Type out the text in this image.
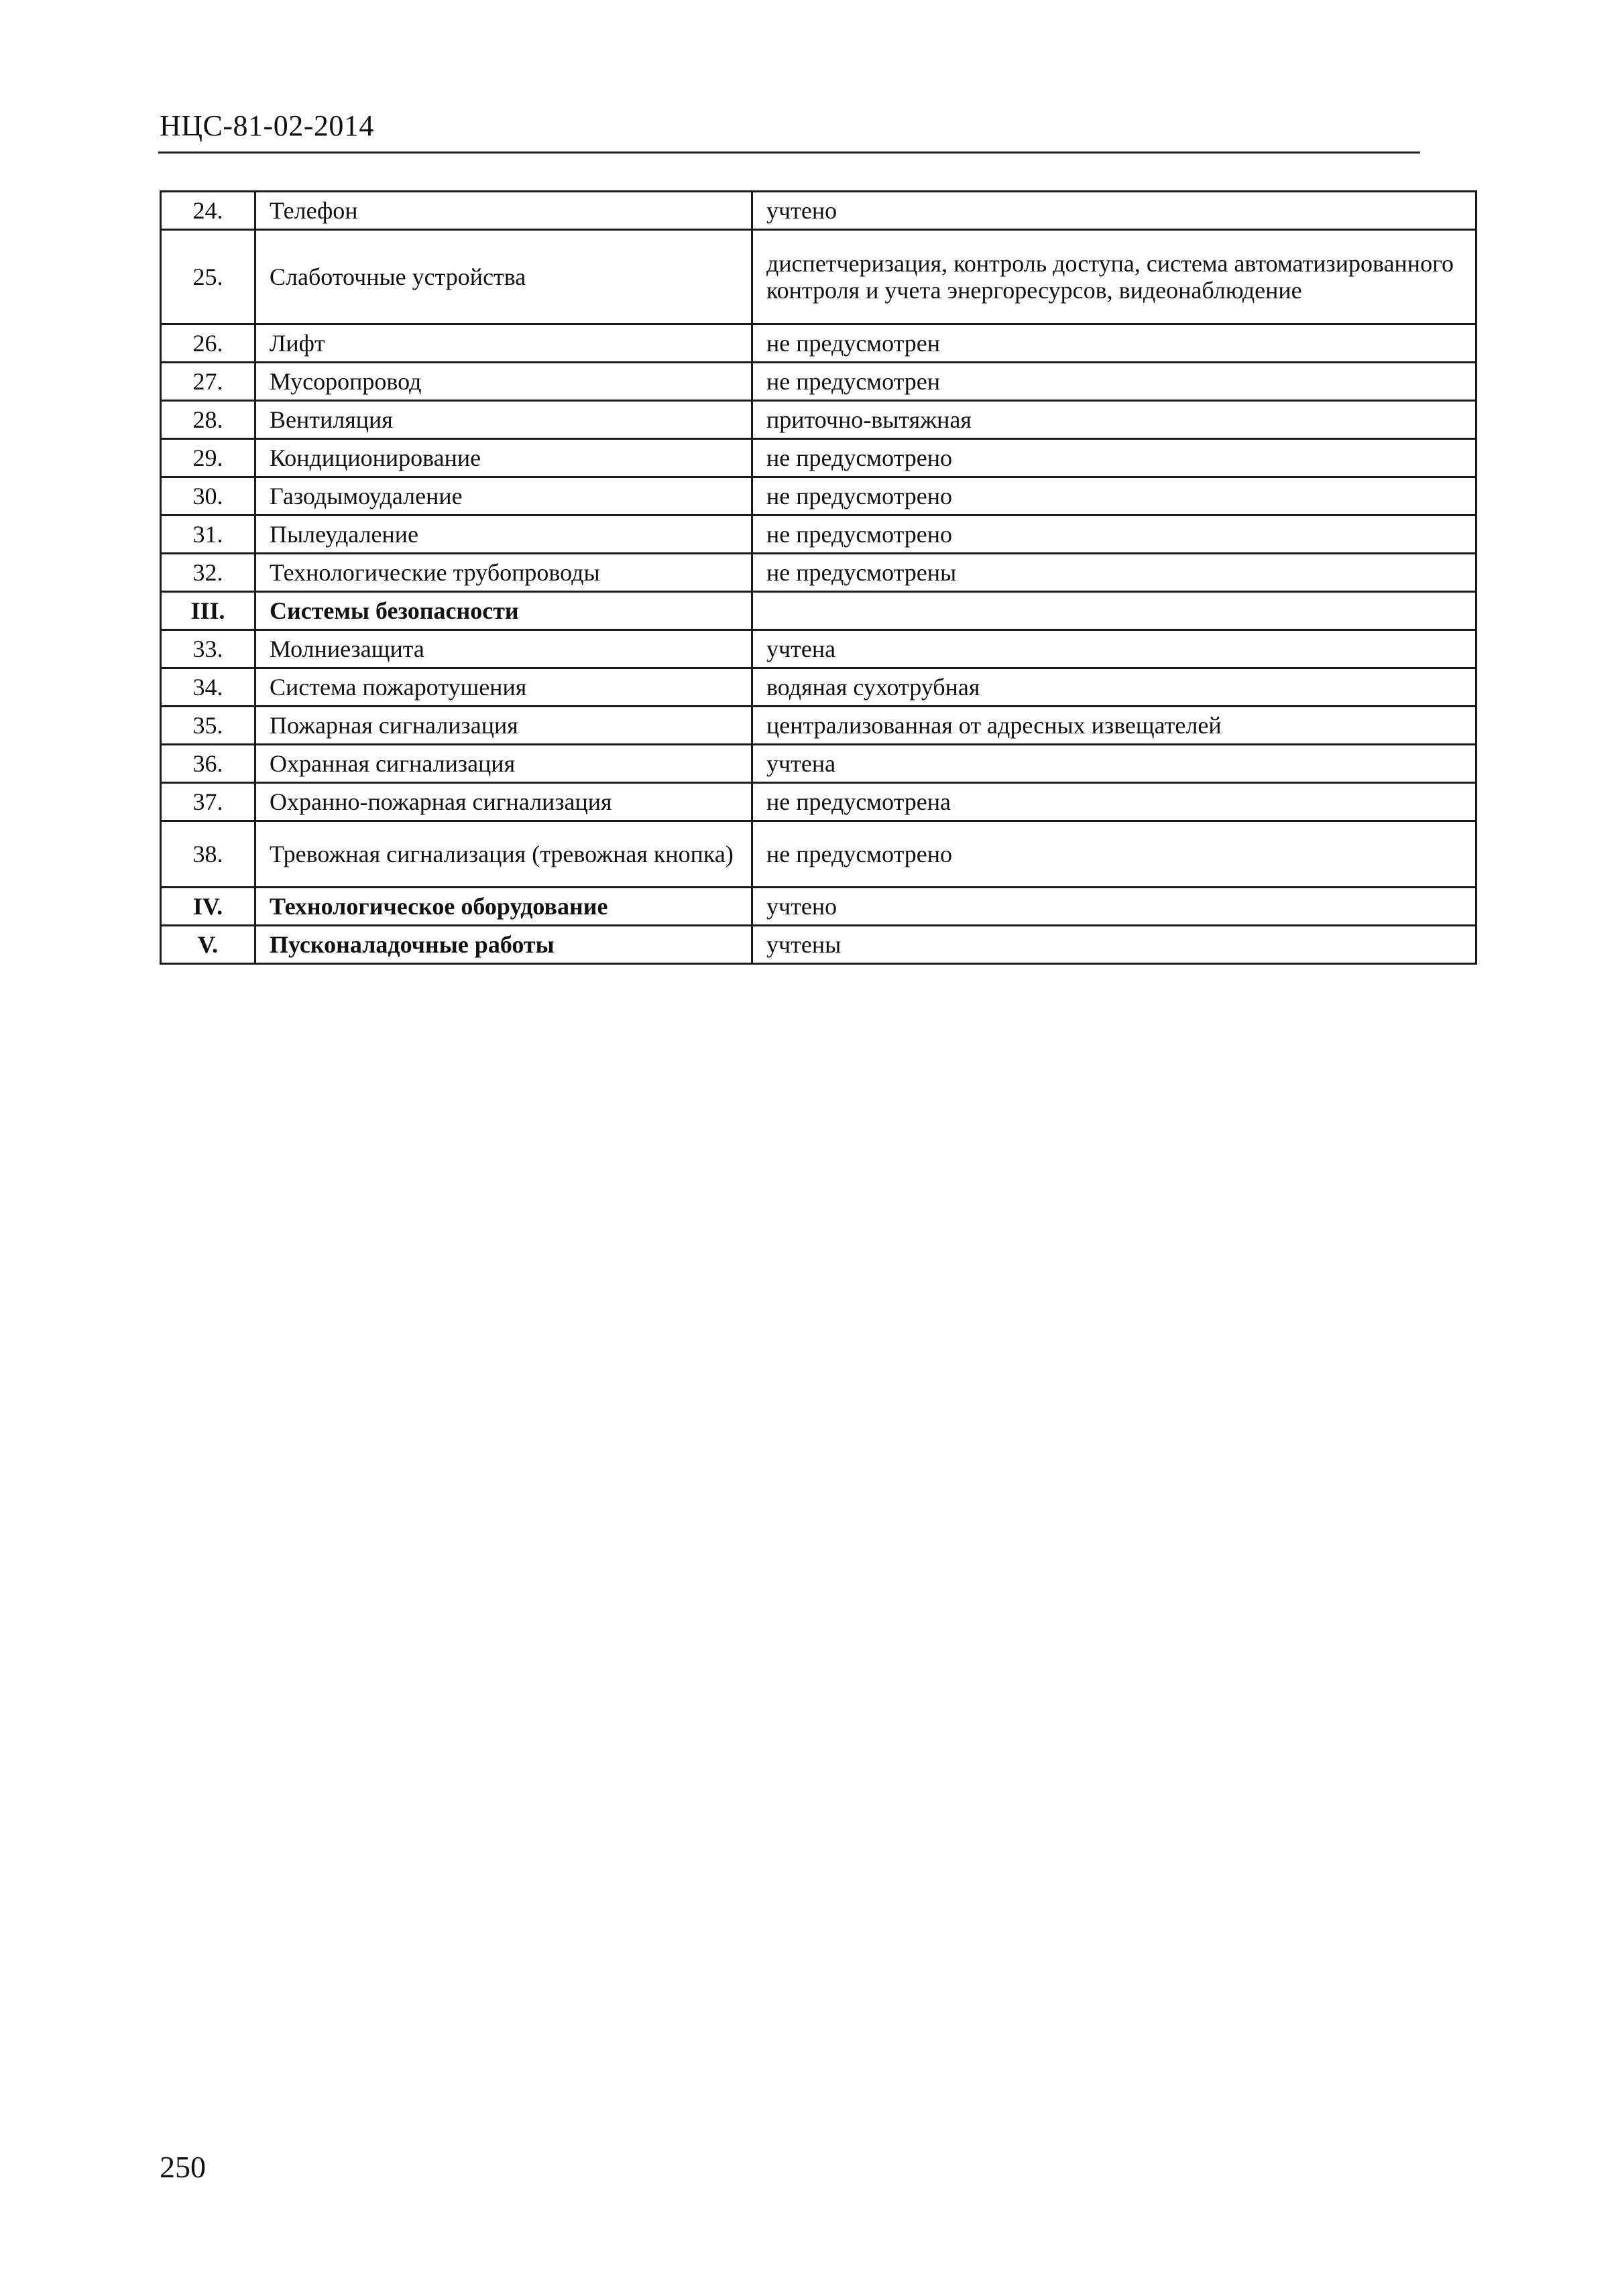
НЦС-81-02-2014
24.	Телефон	учтено
25.	Слаботочные устройства	диспетчеризация, контроль доступа, система автоматизированного контроля и учета энергоресурсов, видеонаблюдение
26.	Лифт	не предусмотрен
27.	Мусоропровод	не предусмотрен
28.	Вентиляция	приточно-вытяжная
29.	Кондиционирование	не предусмотрено
30.	Газодымоудаление	не предусмотрено
31.	Пылеудаление	не предусмотрено
32.	Технологические трубопроводы	не предусмотрены
III.	Системы безопасности	
33.	Молниезащита	учтена
34.	Система пожаротушения	водяная сухотрубная
35.	Пожарная сигнализация	централизованная от адресных извещателей
36.	Охранная сигнализация	учтена
37.	Охранно-пожарная сигнализация	не предусмотрена
38.	Тревожная сигнализация (тревожная кнопка)	не предусмотрено
IV.	Технологическое оборудование	учтено
V.	Пусконаладочные работы	учтены
250
